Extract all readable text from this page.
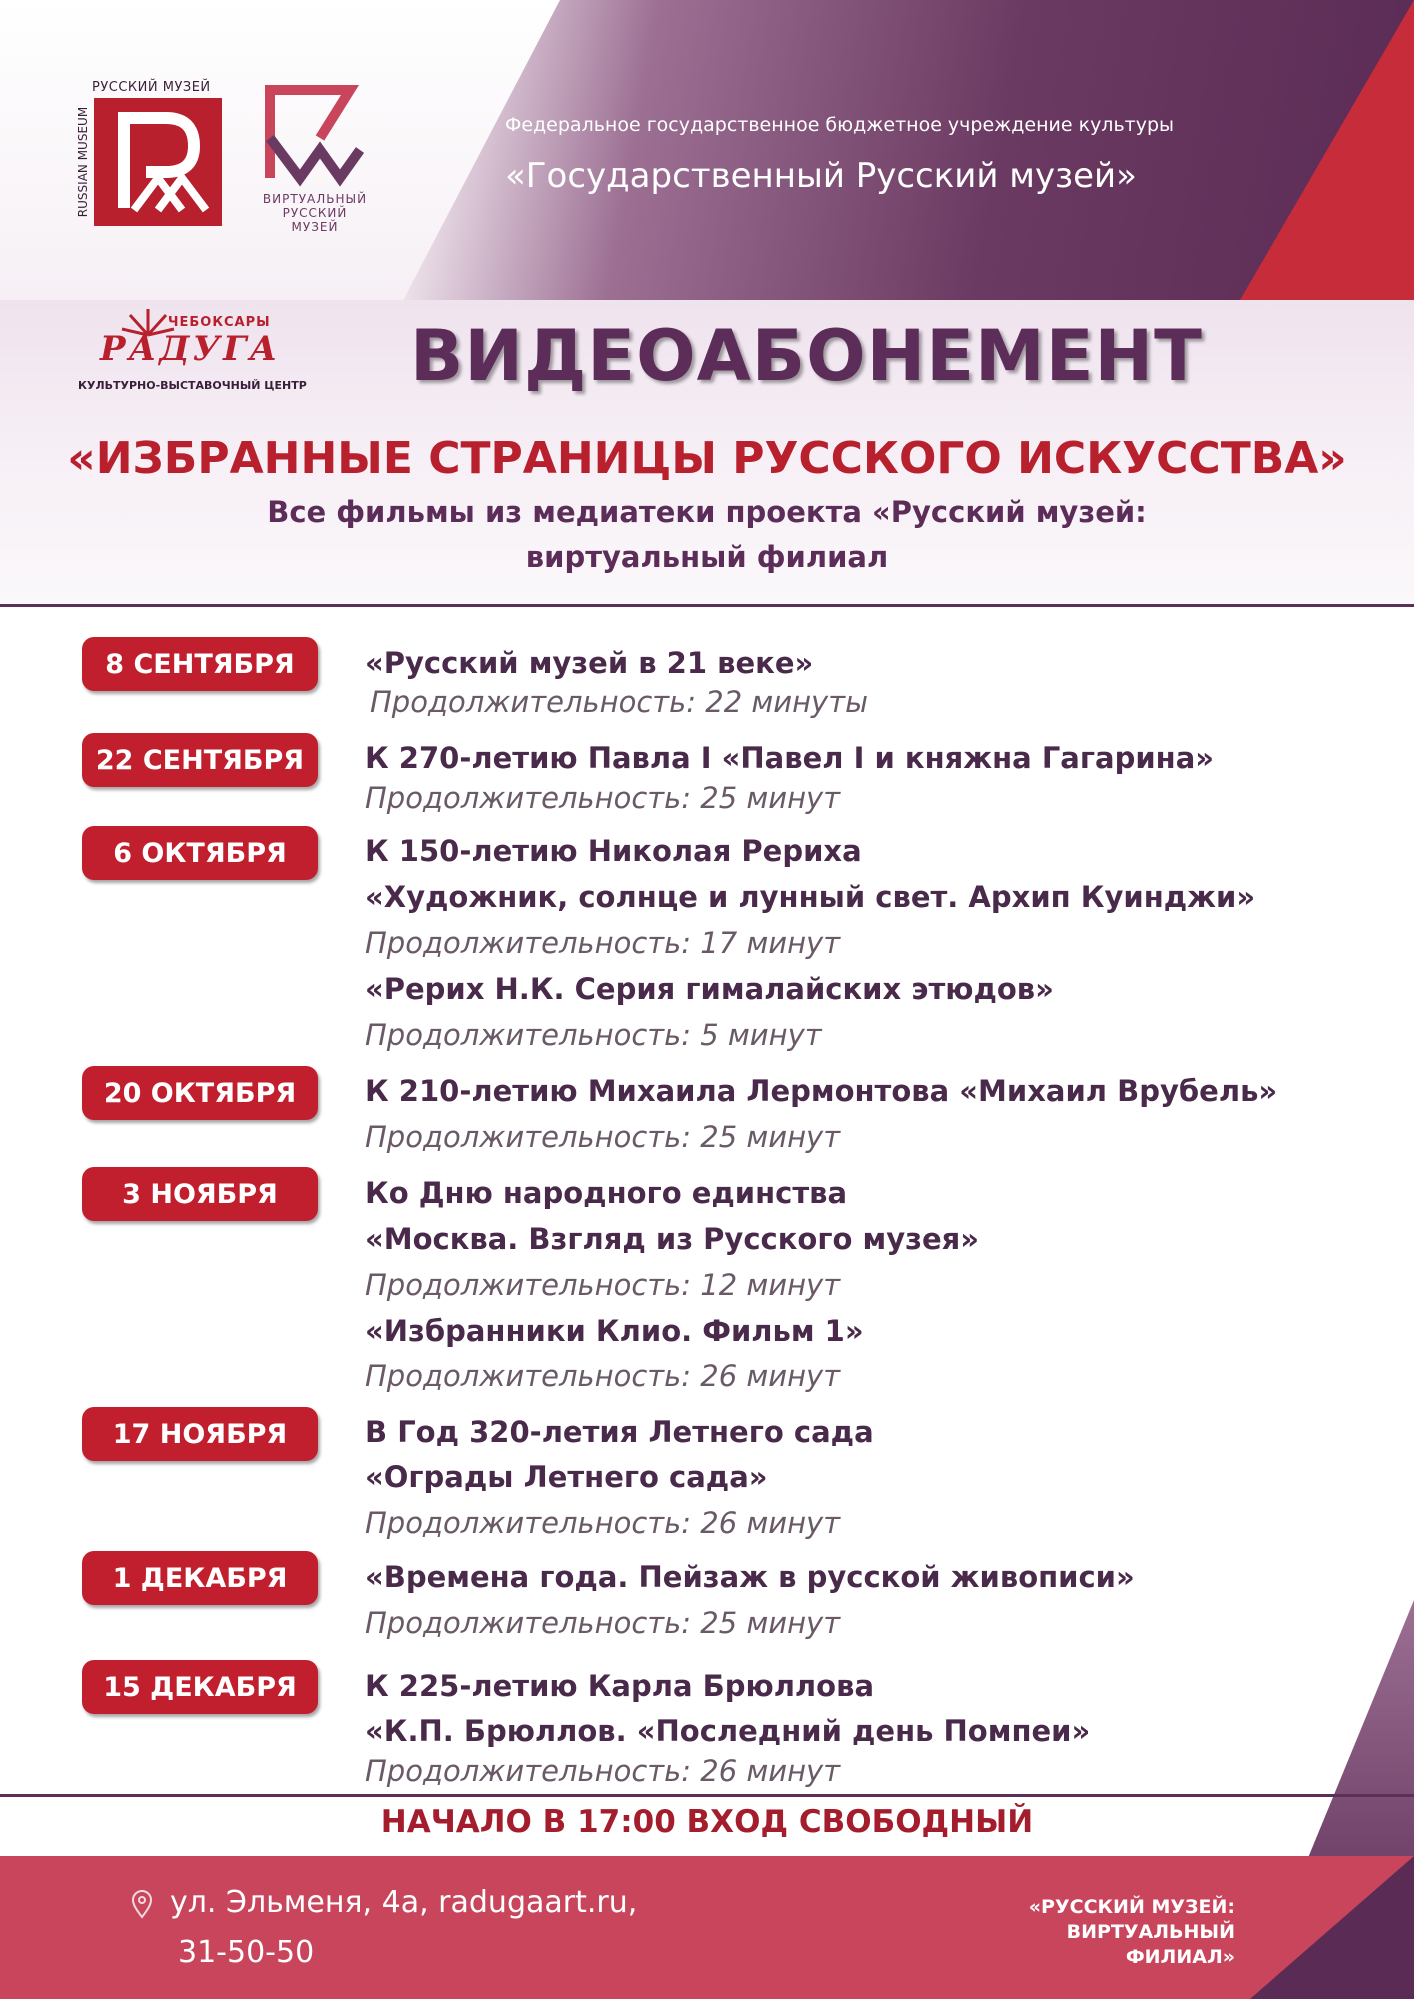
РУССКИЙ МУЗЕЙ
RUSSIAN MUSEUM	ВИРТУАЛЬНЫЙ
РУССКИЙ
МУЗЕЙ
Федеральное государственное бюджетное учреждение культуры
«Государственный Русский музей»
ЧЕБОКСАРЫ
РАДУГА
КУЛЬТУРНО-ВЫСТАВОЧНЫЙ ЦЕНТР ВИДЕОАБОНЕМЕНТ
«ИЗБРАННЫЕ СТРАНИЦЫ РУССКОГО ИСКУССТВА»
Все фильмы из медиатеки проекта «Русский музей:
виртуальный филиал
8 СЕНТЯБРЯ	«Русский музей в 21 веке»
Продолжительность: 22 минуты
22 СЕНТЯБРЯ	К 270-летию Павла I «Павел I и княжна Гагарина»
Продолжительность: 25 минут
6 ОКТЯБРЯ	К 150-летию Николая Рериха
«Художник, солнце и лунный свет. Архип Куинджи»
Продолжительность: 17 минут
«Рерих Н.К. Серия гималайских этюдов»
Продолжительность: 5 минут
20 ОКТЯБРЯ	К 210-летию Михаила Лермонтова «Михаил Врубель»
Продолжительность: 25 минут
3 НОЯБРЯ	Ко Дню народного единства
«Москва. Взгляд из Русского музея»
Продолжительность: 12 минут
«Избранники Клио. Фильм 1»
Продолжительность: 26 минут
17 НОЯБРЯ	В Год 320-летия Летнего сада
«Ограды Летнего сада»
Продолжительность: 26 минут
1 ДЕКАБРЯ	«Времена года. Пейзаж в русской живописи»
Продолжительность: 25 минут
15 ДЕКАБРЯ	К 225-летию Карла Брюллова
«К.П. Брюллов. «Последний день Помпеи»
Продолжительность: 26 минут
НАЧАЛО В 17:00 ВХОД СВОБОДНЫЙ
ул. Эльменя, 4а, radugaart.ru,
31-50-50
«РУССКИЙ МУЗЕЙ:
ВИРТУАЛЬНЫЙ
ФИЛИАЛ»
